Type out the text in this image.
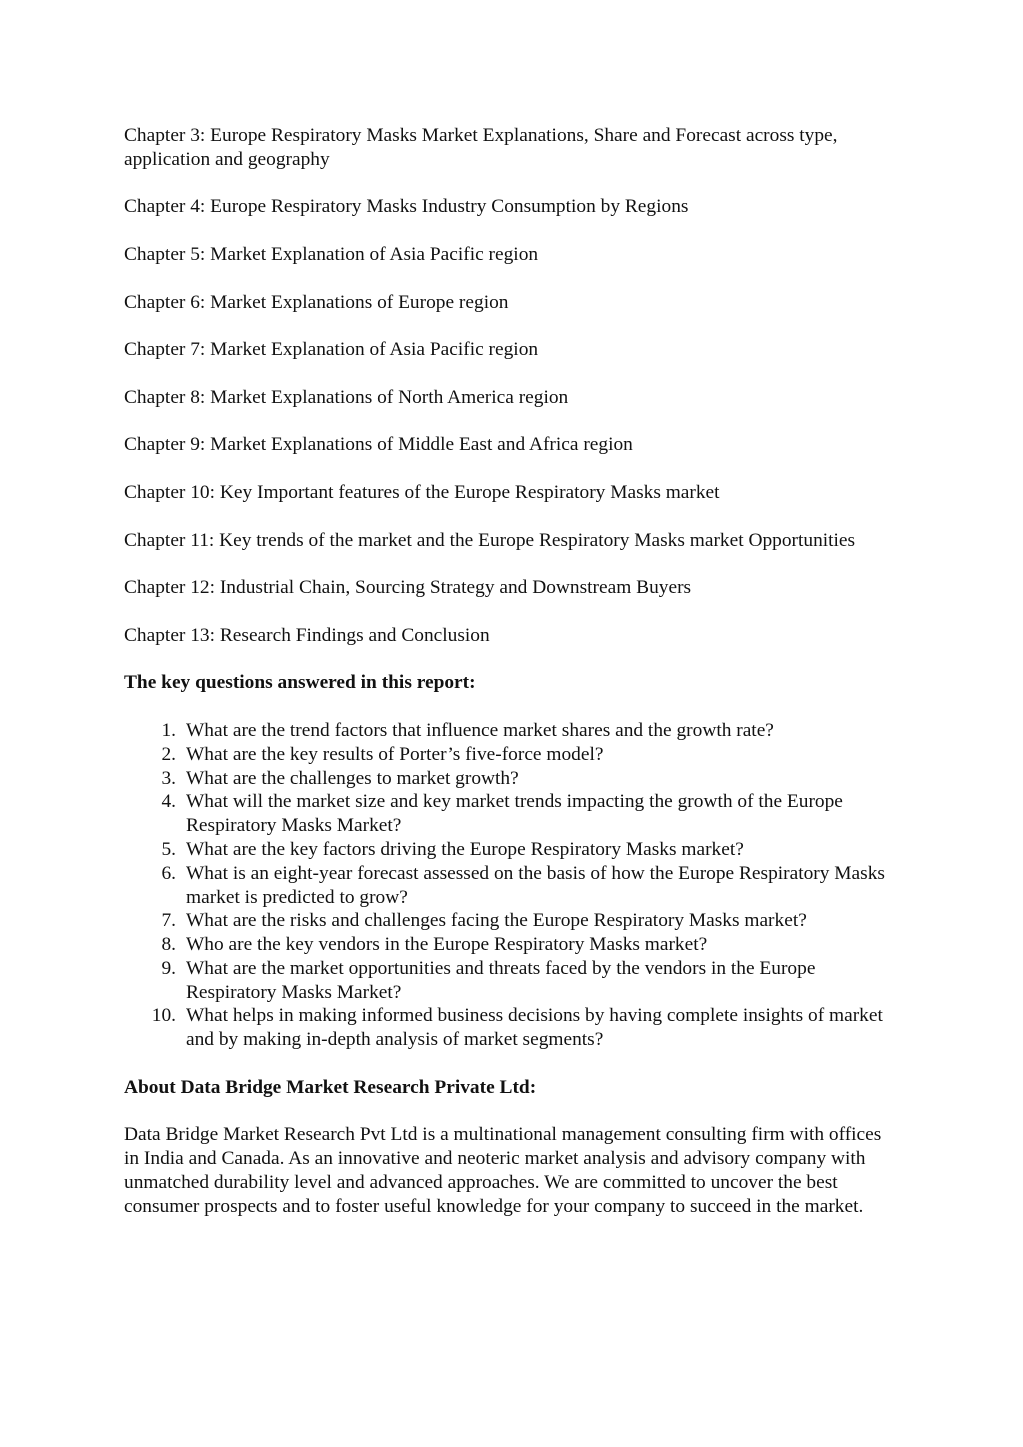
Chapter 3: Europe Respiratory Masks Market Explanations, Share and Forecast across type, application and geography

Chapter 4: Europe Respiratory Masks Industry Consumption by Regions

Chapter 5: Market Explanation of Asia Pacific region

Chapter 6: Market Explanations of Europe region

Chapter 7: Market Explanation of Asia Pacific region

Chapter 8: Market Explanations of North America region

Chapter 9: Market Explanations of Middle East and Africa region

Chapter 10: Key Important features of the Europe Respiratory Masks market

Chapter 11: Key trends of the market and the Europe Respiratory Masks market Opportunities

Chapter 12: Industrial Chain, Sourcing Strategy and Downstream Buyers

Chapter 13: Research Findings and Conclusion

The key questions answered in this report:

1. What are the trend factors that influence market shares and the growth rate?
2. What are the key results of Porter’s five-force model?
3. What are the challenges to market growth?
4. What will the market size and key market trends impacting the growth of the Europe Respiratory Masks Market?
5. What are the key factors driving the Europe Respiratory Masks market?
6. What is an eight-year forecast assessed on the basis of how the Europe Respiratory Masks market is predicted to grow?
7. What are the risks and challenges facing the Europe Respiratory Masks market?
8. Who are the key vendors in the Europe Respiratory Masks market?
9. What are the market opportunities and threats faced by the vendors in the Europe Respiratory Masks Market?
10. What helps in making informed business decisions by having complete insights of market and by making in-depth analysis of market segments?

About Data Bridge Market Research Private Ltd:

Data Bridge Market Research Pvt Ltd is a multinational management consulting firm with offices in India and Canada. As an innovative and neoteric market analysis and advisory company with unmatched durability level and advanced approaches. We are committed to uncover the best consumer prospects and to foster useful knowledge for your company to succeed in the market.
